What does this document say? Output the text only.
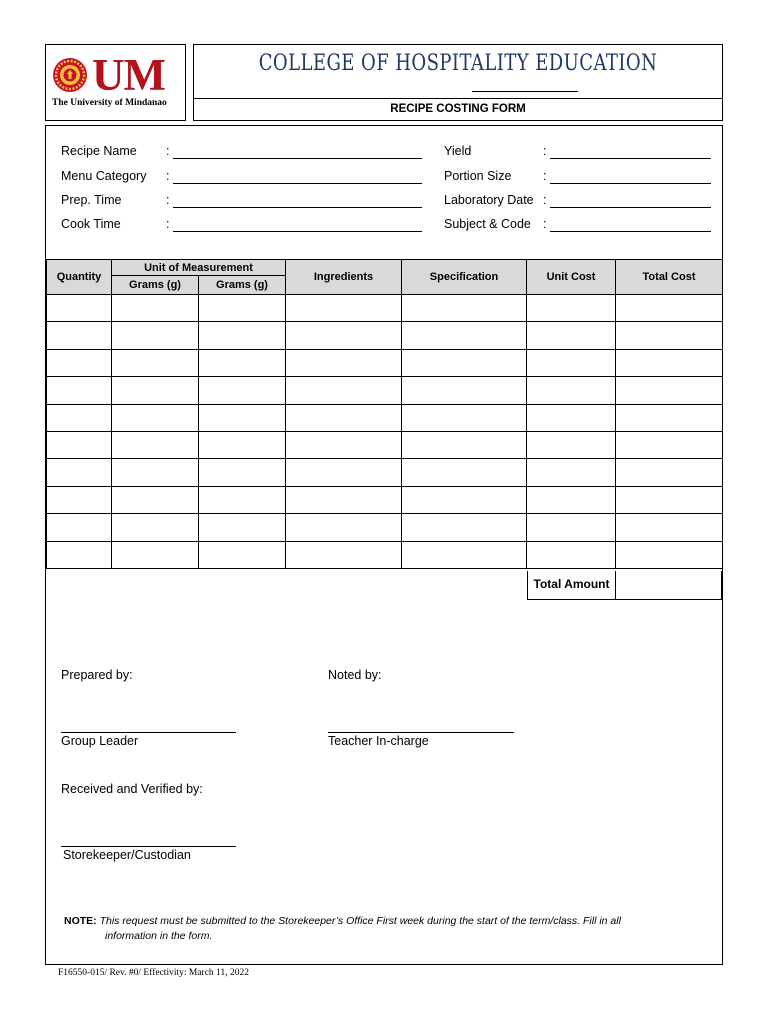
UM
The University of Mindanao
COLLEGE OF HOSPITALITY EDUCATION
RECIPE COSTING FORM
Recipe Name :
Menu Category :
Prep. Time	:
Cook Time	:
Yield	:
Portion Size	:
Laboratory Date :
Subject & Code :
Quantity	Unit of Measurement		Ingredients	Specification	Unit Cost	Total Cost
	Grams (g)	Grams (g)				

Total Amount
Prepared by:	Noted by:
Group Leader	Teacher In-charge
Received and Verified by:
Storekeeper/Custodian
NOTE: This request must be submitted to the Storekeeper’s Office First week during the start of the term/class. Fill in all
information in the form.
F16550-015/ Rev. #0/ Effectivity: March 11, 2022
